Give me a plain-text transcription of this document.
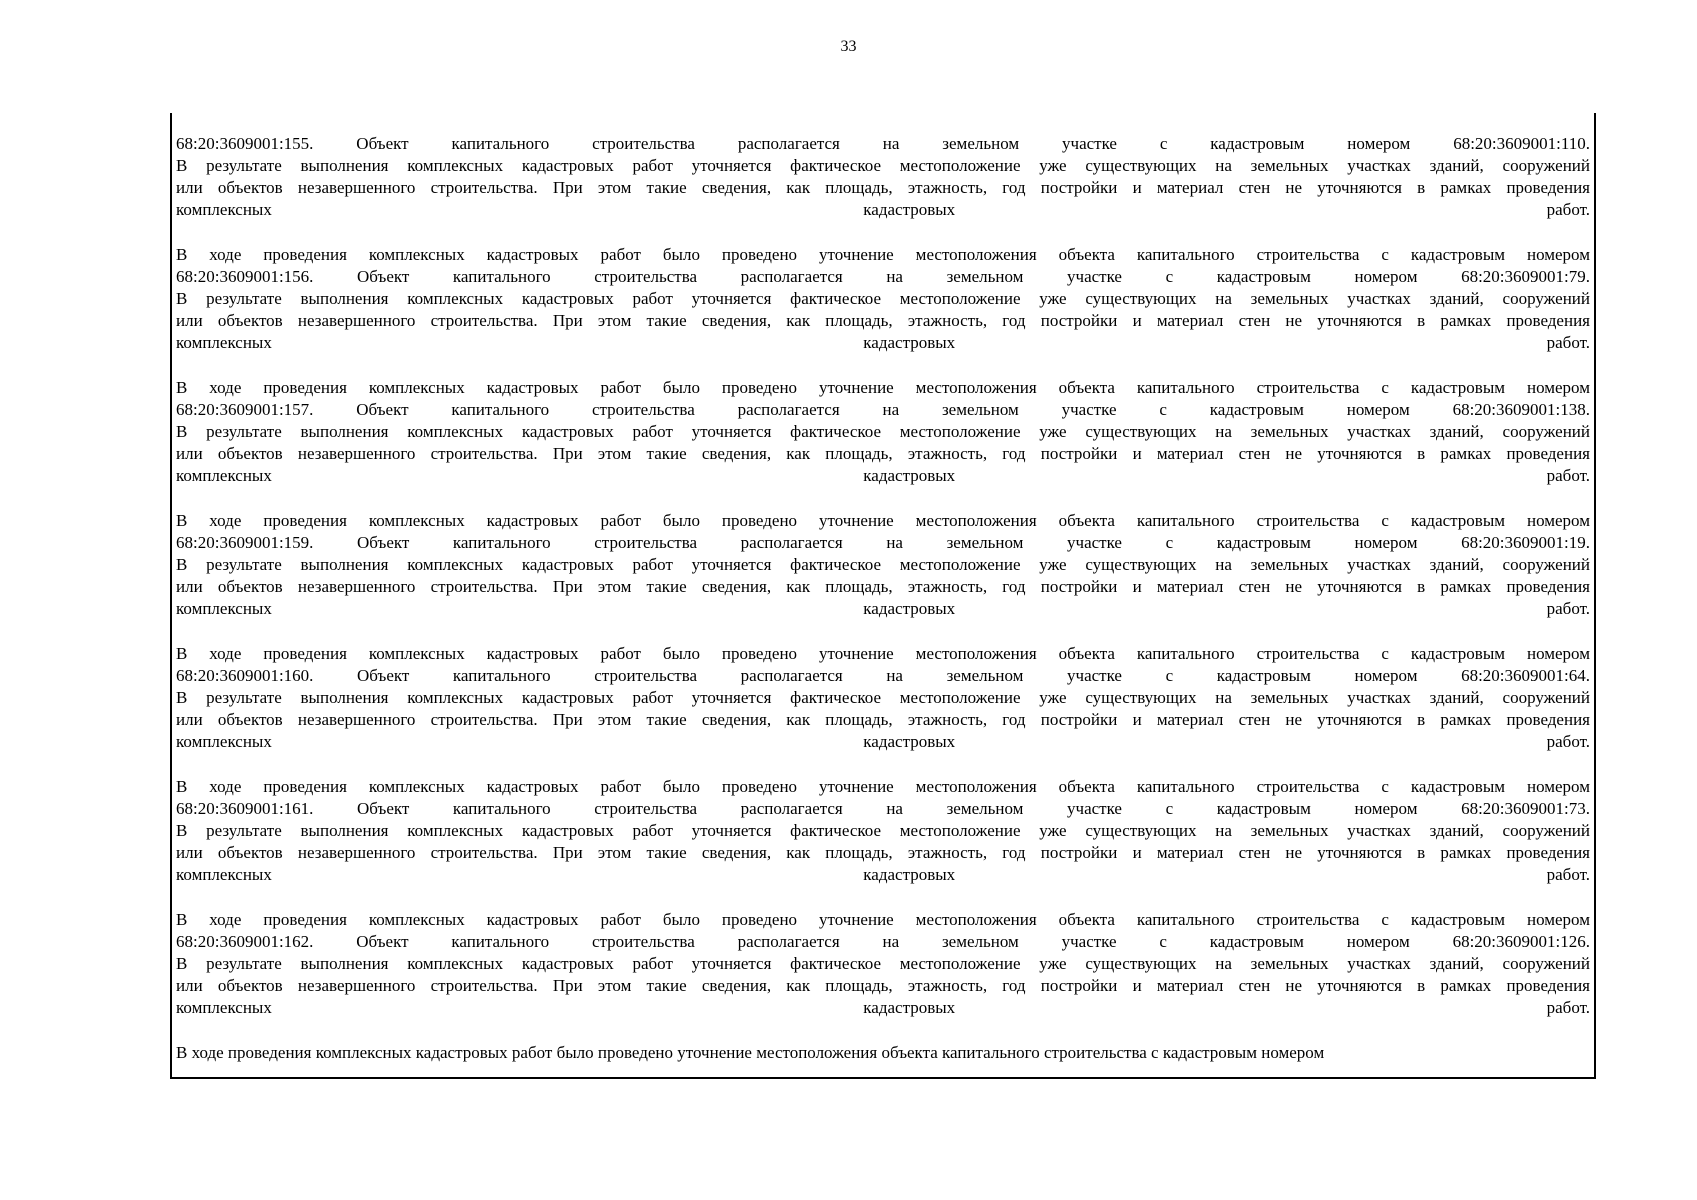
33
68:20:3609001:155. Объект капитального строительства располагается на земельном участке с кадастровым номером 68:20:3609001:110.
В результате выполнения комплексных кадастровых работ уточняется фактическое местоположение уже существующих на земельных участках зданий, сооружений
или объектов незавершенного строительства. При этом такие сведения, как площадь, этажность, год постройки и материал стен не уточняются в рамках проведения
комплексных кадастровых работ.
В ходе проведения комплексных кадастровых работ было проведено уточнение местоположения объекта капитального строительства с кадастровым номером
68:20:3609001:156. Объект капитального строительства располагается на земельном участке с кадастровым номером 68:20:3609001:79.
В результате выполнения комплексных кадастровых работ уточняется фактическое местоположение уже существующих на земельных участках зданий, сооружений
или объектов незавершенного строительства. При этом такие сведения, как площадь, этажность, год постройки и материал стен не уточняются в рамках проведения
комплексных кадастровых работ.
В ходе проведения комплексных кадастровых работ было проведено уточнение местоположения объекта капитального строительства с кадастровым номером
68:20:3609001:157. Объект капитального строительства располагается на земельном участке с кадастровым номером 68:20:3609001:138.
В результате выполнения комплексных кадастровых работ уточняется фактическое местоположение уже существующих на земельных участках зданий, сооружений
или объектов незавершенного строительства. При этом такие сведения, как площадь, этажность, год постройки и материал стен не уточняются в рамках проведения
комплексных кадастровых работ.
В ходе проведения комплексных кадастровых работ было проведено уточнение местоположения объекта капитального строительства с кадастровым номером
68:20:3609001:159. Объект капитального строительства располагается на земельном участке с кадастровым номером 68:20:3609001:19.
В результате выполнения комплексных кадастровых работ уточняется фактическое местоположение уже существующих на земельных участках зданий, сооружений
или объектов незавершенного строительства. При этом такие сведения, как площадь, этажность, год постройки и материал стен не уточняются в рамках проведения
комплексных кадастровых работ.
В ходе проведения комплексных кадастровых работ было проведено уточнение местоположения объекта капитального строительства с кадастровым номером
68:20:3609001:160. Объект капитального строительства располагается на земельном участке с кадастровым номером 68:20:3609001:64.
В результате выполнения комплексных кадастровых работ уточняется фактическое местоположение уже существующих на земельных участках зданий, сооружений
или объектов незавершенного строительства. При этом такие сведения, как площадь, этажность, год постройки и материал стен не уточняются в рамках проведения
комплексных кадастровых работ.
В ходе проведения комплексных кадастровых работ было проведено уточнение местоположения объекта капитального строительства с кадастровым номером
68:20:3609001:161. Объект капитального строительства располагается на земельном участке с кадастровым номером 68:20:3609001:73.
В результате выполнения комплексных кадастровых работ уточняется фактическое местоположение уже существующих на земельных участках зданий, сооружений
или объектов незавершенного строительства. При этом такие сведения, как площадь, этажность, год постройки и материал стен не уточняются в рамках проведения
комплексных кадастровых работ.
В ходе проведения комплексных кадастровых работ было проведено уточнение местоположения объекта капитального строительства с кадастровым номером
68:20:3609001:162. Объект капитального строительства располагается на земельном участке с кадастровым номером 68:20:3609001:126.
В результате выполнения комплексных кадастровых работ уточняется фактическое местоположение уже существующих на земельных участках зданий, сооружений
или объектов незавершенного строительства. При этом такие сведения, как площадь, этажность, год постройки и материал стен не уточняются в рамках проведения
комплексных кадастровых работ.
В ходе проведения комплексных кадастровых работ было проведено уточнение местоположения объекта капитального строительства с кадастровым номером
